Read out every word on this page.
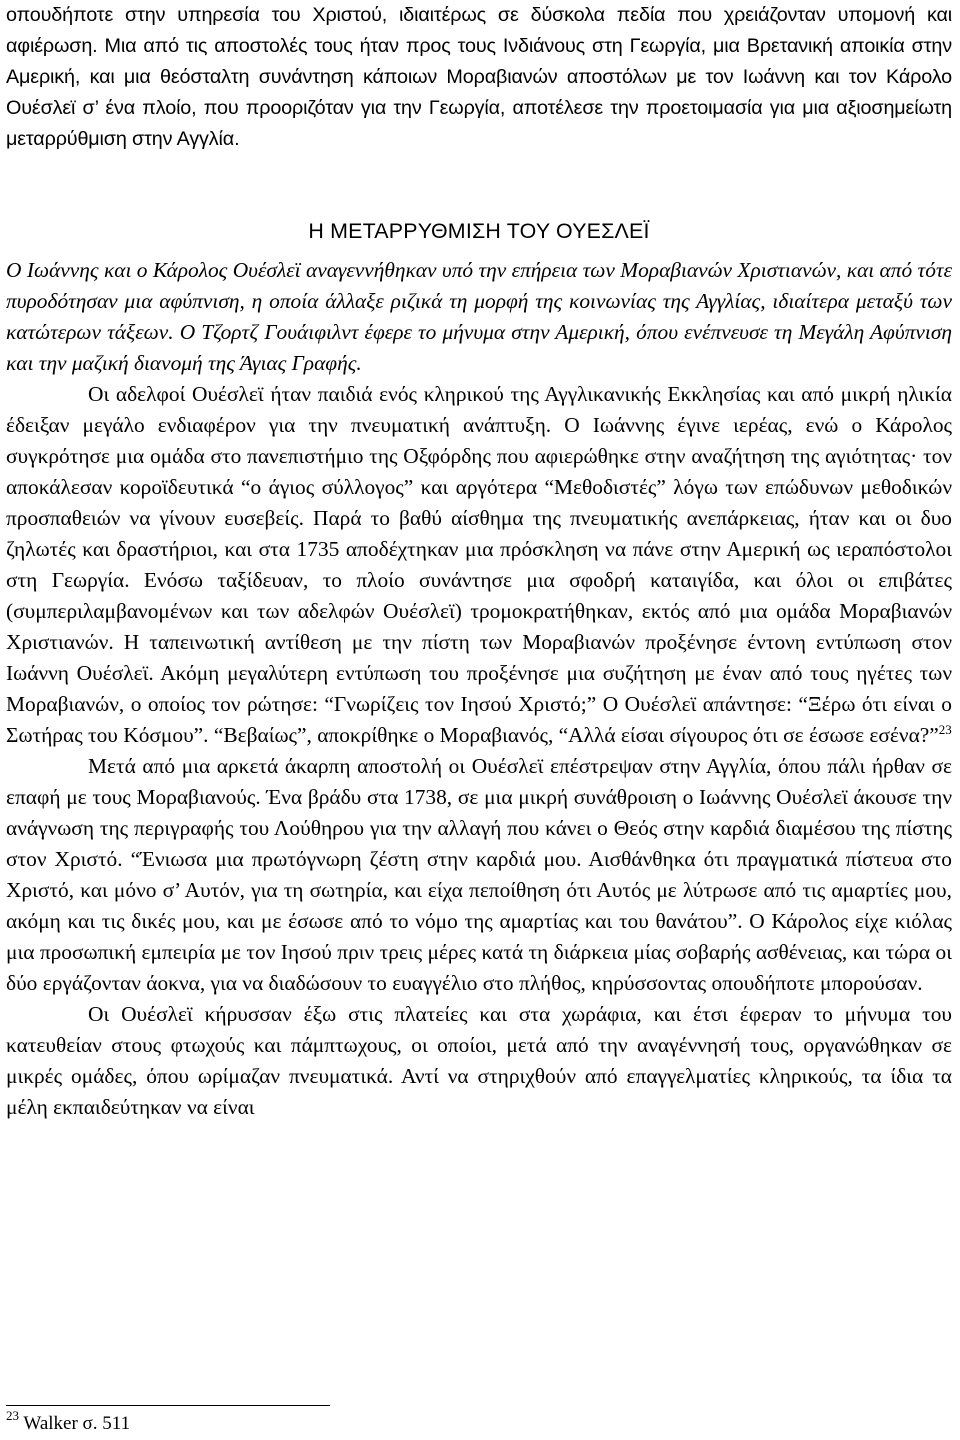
οπουδήποτε στην υπηρεσία του Χριστού, ιδιαιτέρως σε δύσκολα πεδία που χρειάζονταν υπομονή και αφιέρωση. Μια από τις αποστολές τους ήταν προς τους Ινδιάνους στη Γεωργία, μια Βρετανική αποικία στην Αμερική, και μια θεόσταλτη συνάντηση κάποιων Μοραβιανών αποστόλων με τον Ιωάννη και τον Κάρολο Ουέσλεϊ σ’ ένα πλοίο, που προοριζόταν για την Γεωργία, αποτέλεσε την προετοιμασία για μια αξιοσημείωτη μεταρρύθμιση στην Αγγλία.

Η ΜΕΤΑΡΡΥΘΜΙΣΗ ΤΟΥ ΟΥΕΣΛΕΪ

Ο Ιωάννης και ο Κάρολος Ουέσλεϊ αναγεννήθηκαν υπό την επήρεια των Μοραβιανών Χριστιανών, και από τότε πυροδότησαν μια αφύπνιση, η οποία άλλαξε ριζικά τη μορφή της κοινωνίας της Αγγλίας, ιδιαίτερα μεταξύ των κατώτερων τάξεων. Ο Τζορτζ Γουάιφιλντ έφερε το μήνυμα στην Αμερική, όπου ενέπνευσε τη Μεγάλη Αφύπνιση και την μαζική διανομή της Άγιας Γραφής.

Οι αδελφοί Ουέσλεϊ ήταν παιδιά ενός κληρικού της Αγγλικανικής Εκκλησίας και από μικρή ηλικία έδειξαν μεγάλο ενδιαφέρον για την πνευματική ανάπτυξη. Ο Ιωάννης έγινε ιερέας, ενώ ο Κάρολος συγκρότησε μια ομάδα στο πανεπιστήμιο της Οξφόρδης που αφιερώθηκε στην αναζήτηση της αγιότητας· τον αποκάλεσαν κοροϊδευτικά “ο άγιος σύλλογος” και αργότερα “Μεθοδιστές” λόγω των επώδυνων μεθοδικών προσπαθειών να γίνουν ευσεβείς. Παρά το βαθύ αίσθημα της πνευματικής ανεπάρκειας, ήταν και οι δυο ζηλωτές και δραστήριοι, και στα 1735 αποδέχτηκαν μια πρόσκληση να πάνε στην Αμερική ως ιεραπόστολοι στη Γεωργία. Ενόσω ταξίδευαν, το πλοίο συνάντησε μια σφοδρή καταιγίδα, και όλοι οι επιβάτες (συμπεριλαμβανομένων και των αδελφών Ουέσλεϊ) τρομοκρατήθηκαν, εκτός από μια ομάδα Μοραβιανών Χριστιανών. Η ταπεινωτική αντίθεση με την πίστη των Μοραβιανών προξένησε έντονη εντύπωση στον Ιωάννη Ουέσλεϊ. Ακόμη μεγαλύτερη εντύπωση του προξένησε μια συζήτηση με έναν από τους ηγέτες των Μοραβιανών, ο οποίος τον ρώτησε: “Γνωρίζεις τον Ιησού Χριστό;” Ο Ουέσλεϊ απάντησε: “Ξέρω ότι είναι ο Σωτήρας του Κόσμου”. “Βεβαίως”, αποκρίθηκε ο Μοραβιανός, “Αλλά είσαι σίγουρος ότι σε έσωσε εσένα?”$^{23}$

Μετά από μια αρκετά άκαρπη αποστολή οι Ουέσλεϊ επέστρεψαν στην Αγγλία, όπου πάλι ήρθαν σε επαφή με τους Μοραβιανούς. Ένα βράδυ στα 1738, σε μια μικρή συνάθροιση ο Ιωάννης Ουέσλεϊ άκουσε την ανάγνωση της περιγραφής του Λούθηρου για την αλλαγή που κάνει ο Θεός στην καρδιά διαμέσου της πίστης στον Χριστό. “Ένιωσα μια πρωτόγνωρη ζέστη στην καρδιά μου. Αισθάνθηκα ότι πραγματικά πίστευα στο Χριστό, και μόνο σ’ Αυτόν, για τη σωτηρία, και είχα πεποίθηση ότι Αυτός με λύτρωσε από τις αμαρτίες μου, ακόμη και τις δικές μου, και με έσωσε από το νόμο της αμαρτίας και του θανάτου”. Ο Κάρολος είχε κιόλας μια προσωπική εμπειρία με τον Ιησού πριν τρεις μέρες κατά τη διάρκεια μίας σοβαρής ασθένειας, και τώρα οι δύο εργάζονταν άοκνα, για να διαδώσουν το ευαγγέλιο στο πλήθος, κηρύσσοντας οπουδήποτε μπορούσαν.

Οι Ουέσλεϊ κήρυσσαν έξω στις πλατείες και στα χωράφια, και έτσι έφεραν το μήνυμα του κατευθείαν στους φτωχούς και πάμπτωχους, οι οποίοι, μετά από την αναγέννησή τους, οργανώθηκαν σε μικρές ομάδες, όπου ωρίμαζαν πνευματικά. Αντί να στηριχθούν από επαγγελματίες κληρικούς, τα ίδια τα μέλη εκπαιδεύτηκαν να είναι

$^{23}$ Walker σ. 511
